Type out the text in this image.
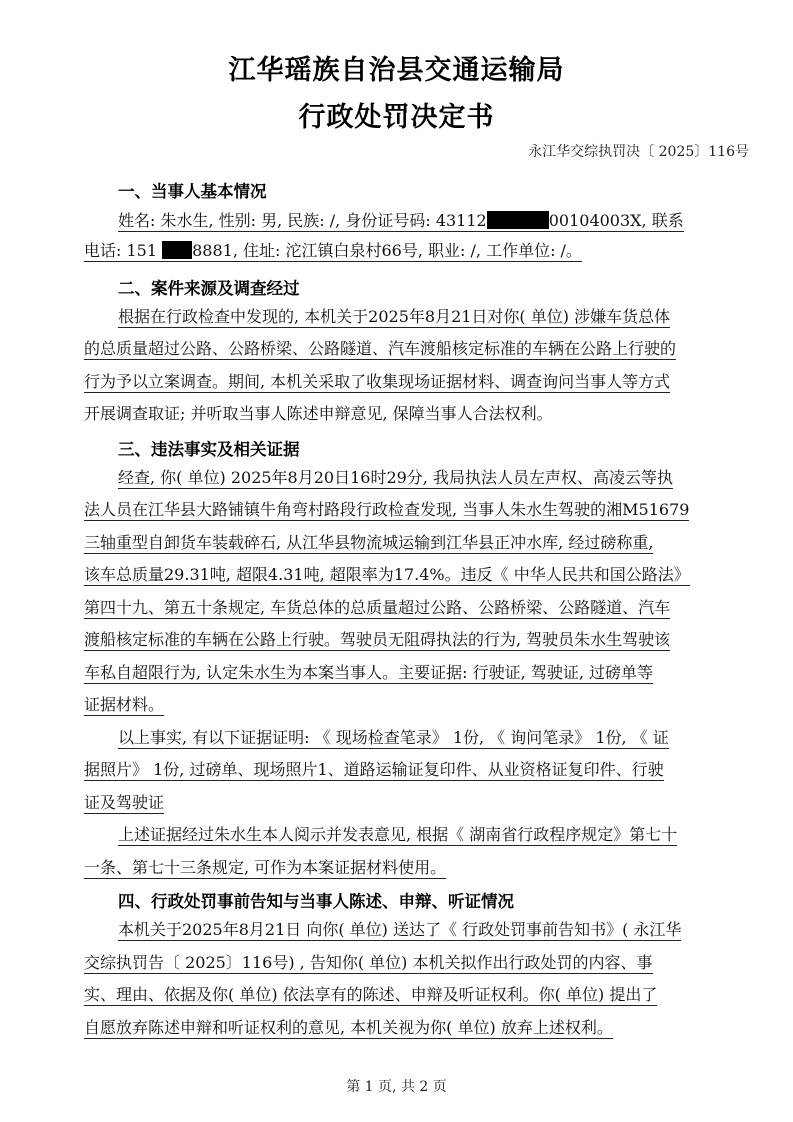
江华瑶族自治县交通运输局
行政处罚决定书
永江华交综执罚决〔 2025〕116号
一、当事人基本情况
姓名: 朱水生, 性别: 男, 民族: /, 身份证号码: 43112	00104003X, 联系
电话: 151 8881, 住址: 沱江镇白泉村66号, 职业: /, 工作单位: /。
二、案件来源及调查经过
根据在行政检查中发现的, 本机关于2025年8月21日对你( 单位) 涉嫌车货总体
的总质量超过公路、公路桥梁、公路隧道、汽车渡船核定标准的车辆在公路上行驶的
行为予以立案调查。期间, 本机关采取了收集现场证据材料、调查询问当事人等方式
开展调查取证; 并听取当事人陈述申辩意见, 保障当事人合法权利。
三、违法事实及相关证据
经查, 你( 单位) 2025年8月20日16时29分, 我局执法人员左声权、高凌云等执
法人员在江华县大路铺镇牛角弯村路段行政检查发现, 当事人朱水生驾驶的湘M51679
三轴重型自卸货车装载碎石, 从江华县物流城运输到江华县正冲水库, 经过磅称重,
该车总质量29.31吨, 超限4.31吨, 超限率为17.4%。违反《 中华人民共和国公路法》
第四十九、第五十条规定, 车货总体的总质量超过公路、公路桥梁、公路隧道、汽车
渡船核定标准的车辆在公路上行驶。驾驶员无阻碍执法的行为, 驾驶员朱水生驾驶该
车私自超限行为, 认定朱水生为本案当事人。主要证据: 行驶证, 驾驶证, 过磅单等
证据材料。
以上事实, 有以下证据证明: 《 现场检查笔录》 1份, 《 询问笔录》 1份, 《 证
据照片》 1份, 过磅单、现场照片1、道路运输证复印件、从业资格证复印件、行驶
证及驾驶证
上述证据经过朱水生本人阅示并发表意见, 根据《 湖南省行政程序规定》第七十
一条、第七十三条规定, 可作为本案证据材料使用。
四、行政处罚事前告知与当事人陈述、申辩、听证情况
本机关于2025年8月21日 向你( 单位) 送达了《 行政处罚事前告知书》( 永江华
交综执罚告〔 2025〕116号) , 告知你( 单位) 本机关拟作出行政处罚的内容、事
实、理由、依据及你( 单位) 依法享有的陈述、申辩及听证权利。你( 单位) 提出了
自愿放弃陈述申辩和听证权利的意见, 本机关视为你( 单位) 放弃上述权利。
第 1 页, 共 2 页
